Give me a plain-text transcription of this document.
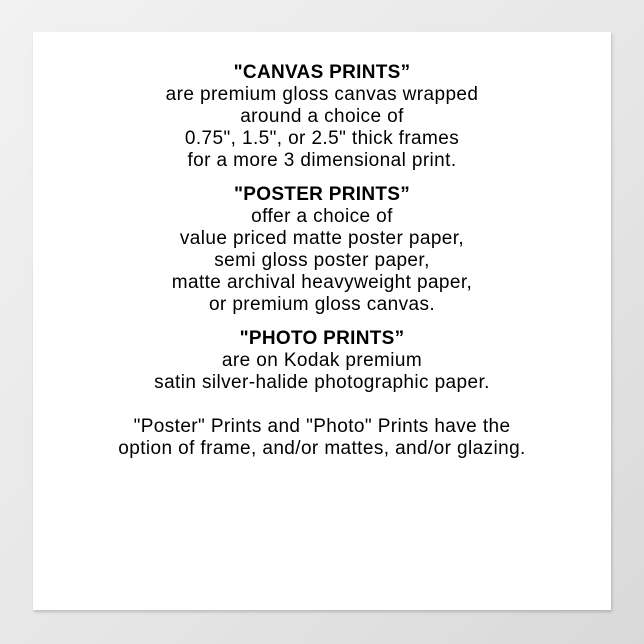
"CANVAS PRINTS”
are premium gloss canvas wrapped
around a choice of
0.75", 1.5", or 2.5" thick frames
for a more 3 dimensional print.
"POSTER PRINTS”
offer a choice of
value priced matte poster paper,
semi gloss poster paper,
matte archival heavyweight paper,
or premium gloss canvas.
"PHOTO PRINTS”
are on Kodak premium
satin silver-halide photographic paper.
"Poster" Prints and "Photo" Prints have the
option of frame, and/or mattes, and/or glazing.
